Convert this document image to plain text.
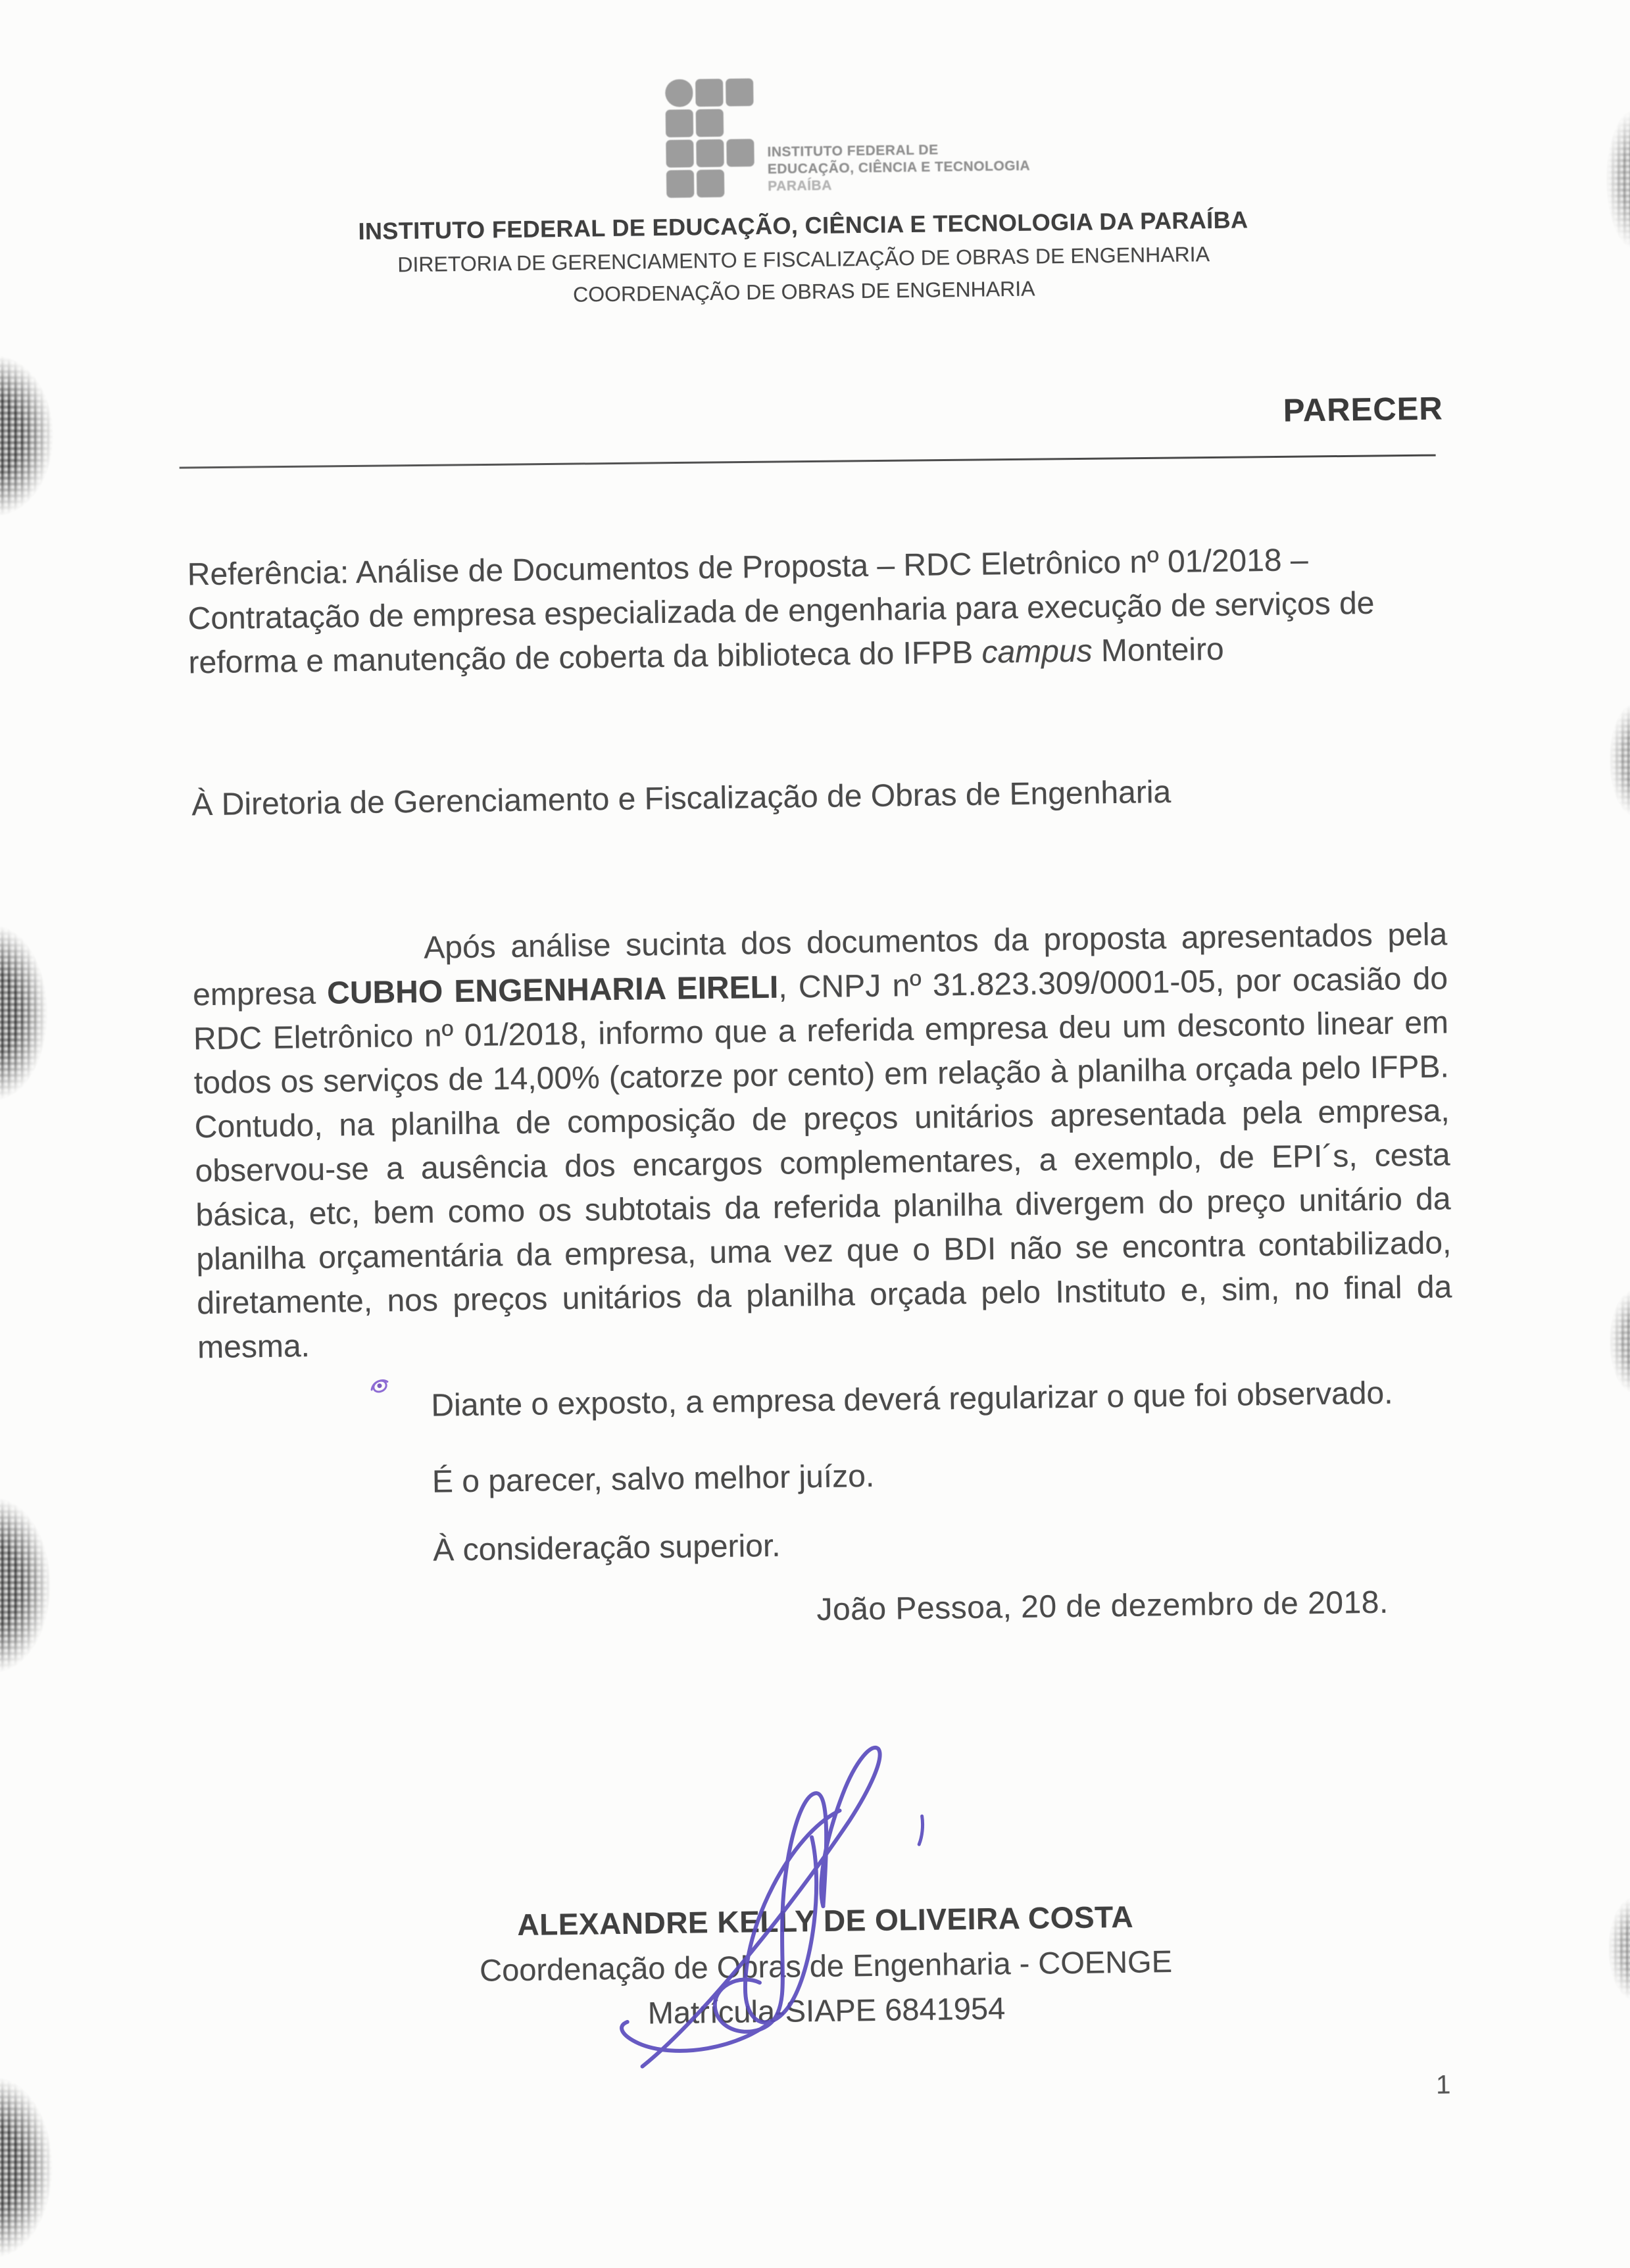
INSTITUTO FEDERAL DE
EDUCAÇÃO, CIÊNCIA E TECNOLOGIA
PARAÍBA
INSTITUTO FEDERAL DE EDUCAÇÃO, CIÊNCIA E TECNOLOGIA DA PARAÍBA
DIRETORIA DE GERENCIAMENTO E FISCALIZAÇÃO DE OBRAS DE ENGENHARIA
COORDENAÇÃO DE OBRAS DE ENGENHARIA
PARECER
Referência: Análise de Documentos de Proposta – RDC Eletrônico nº 01/2018 –
Contratação de empresa especializada de engenharia para execução de serviços de
reforma e manutenção de coberta da biblioteca do IFPB campus Monteiro
À Diretoria de Gerenciamento e Fiscalização de Obras de Engenharia
Após análise sucinta dos documentos da proposta apresentados pela empresa CUBHO ENGENHARIA EIRELI, CNPJ nº 31.823.309/0001-05, por ocasião do RDC Eletrônico nº 01/2018, informo que a referida empresa deu um desconto linear em todos os serviços de 14,00% (catorze por cento) em relação à planilha orçada pelo IFPB. Contudo, na planilha de composição de preços unitários apresentada pela empresa, observou-se a ausência dos encargos complementares, a exemplo, de EPI´s, cesta básica, etc, bem como os subtotais da referida planilha divergem do preço unitário da planilha orçamentária da empresa, uma vez que o BDI não se encontra contabilizado, diretamente, nos preços unitários da planilha orçada pelo Instituto e, sim, no final da mesma.
Diante o exposto, a empresa deverá regularizar o que foi observado.
É o parecer, salvo melhor juízo.
À consideração superior.
João Pessoa, 20 de dezembro de 2018.
ALEXANDRE KELLY DE OLIVEIRA COSTA
Coordenação de Obras de Engenharia - COENGE
Matrícula-SIAPE 6841954
1
